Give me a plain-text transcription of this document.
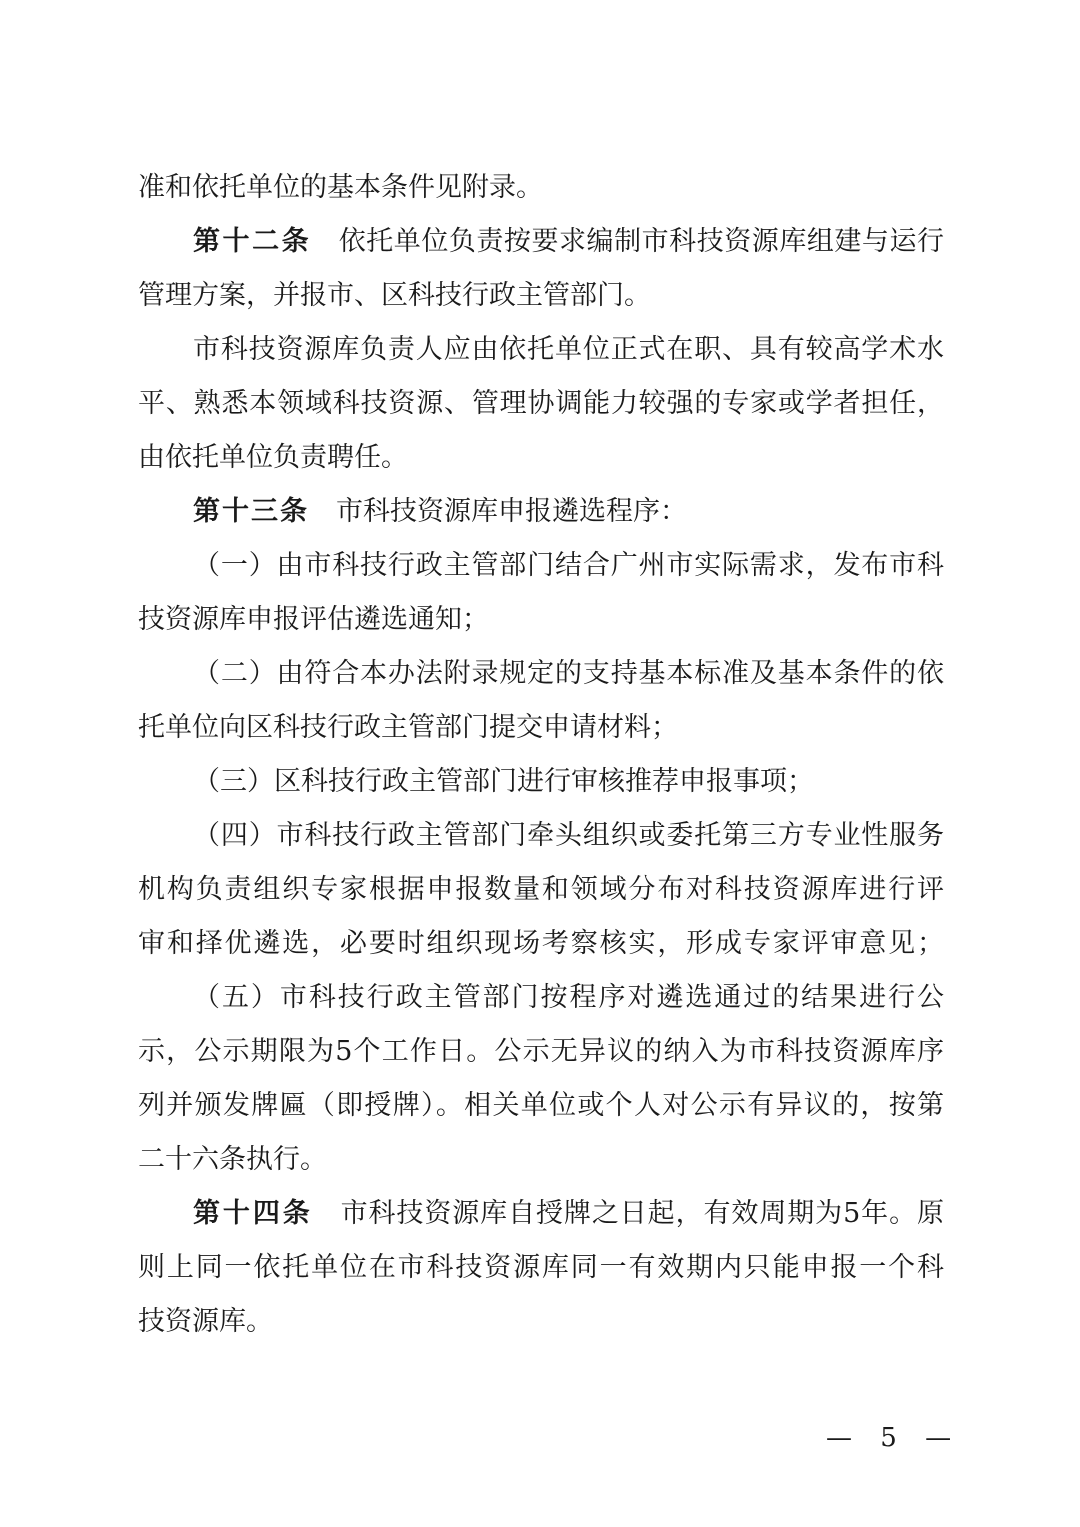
准和依托单位的基本条件见附录。
第十二条　 依托单位负责按要求编制市科技资源库组建与运行
管理方案，并报市、区科技行政主管部门。
市科技资源库负责人应由依托单位正式在职、具有较高学术水
平、熟悉本领域科技资源、管理协调能力较强的专家或学者担任，
由依托单位负责聘任。
第十三条　 市科技资源库申报遴选程序：
（一）由市科技行政主管部门结合广州市实际需求，发布市科
技资源库申报评估遴选通知；
（二）由符合本办法附录规定的支持基本标准及基本条件的依
托单位向区科技行政主管部门提交申请材料；
（三）区科技行政主管部门进行审核推荐申报事项；
（四）市科技行政主管部门牵头组织或委托第三方专业性服务
机构负责组织专家根据申报数量和领域分布对科技资源库进行评
审和择优遴选，必要时组织现场考察核实，形成专家评审意见；
（五）市科技行政主管部门按程序对遴选通过的结果进行公
示，公示期限为5个工作日。公示无异议的纳入为市科技资源库序
列并颁发牌匾（即授牌）。相关单位或个人对公示有异议的，按第
二十六条执行。
第十四条　 市科技资源库自授牌之日起，有效周期为5年。原
则上同一依托单位在市科技资源库同一有效期内只能申报一个科
技资源库。
— 5 —
